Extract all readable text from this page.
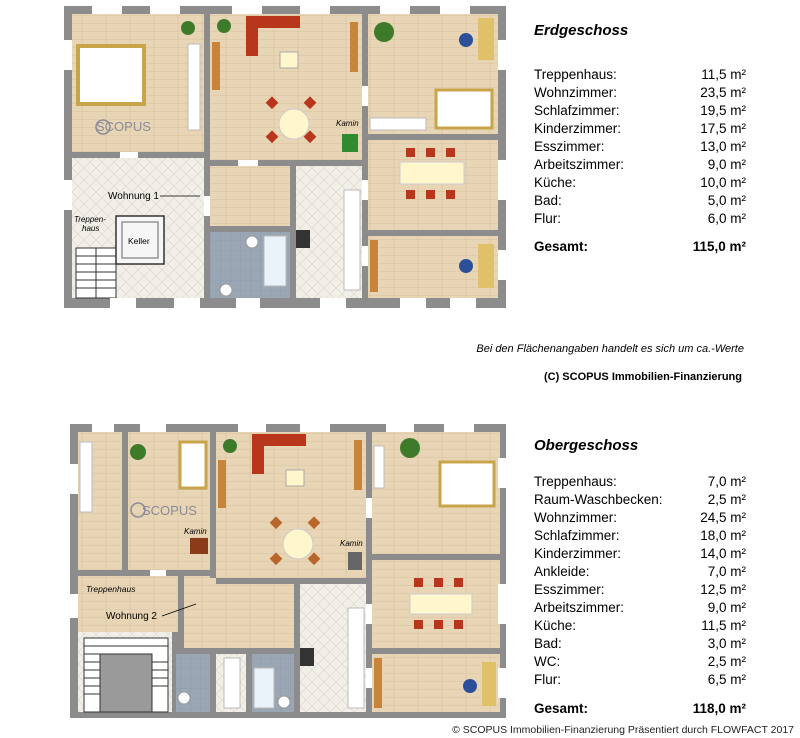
Wohnung 1
Treppen-haus
Keller
Kamin
SCOPUS
Treppenhaus
Wohnung 2
Kamin
Kamin
SCOPUS
Erdgeschoss
Treppenhaus:	11,5 m²
Wohnzimmer:	23,5 m²
Schlafzimmer:	19,5 m²
Kinderzimmer:	17,5 m²
Esszimmer:	13,0 m²
Arbeitszimmer:	9,0 m²
Küche:	10,0 m²
Bad:	5,0 m²
Flur:	6,0 m²
Gesamt:	115,0 m²
Bei den Flächenangaben handelt es sich um ca.-Werte
(C) SCOPUS Immobilien-Finanzierung
Obergeschoss
Treppenhaus:	7,0 m²
Raum-Waschbecken:	2,5 m²
Wohnzimmer:	24,5 m²
Schlafzimmer:	18,0 m²
Kinderzimmer:	14,0 m²
Ankleide:	7,0 m²
Esszimmer:	12,5 m²
Arbeitszimmer:	9,0 m²
Küche:	11,5 m²
Bad:	3,0 m²
WC:	2,5 m²
Flur:	6,5 m²
Gesamt:	118,0 m²
© SCOPUS Immobilien-Finanzierung Präsentiert durch FLOWFACT 2017
